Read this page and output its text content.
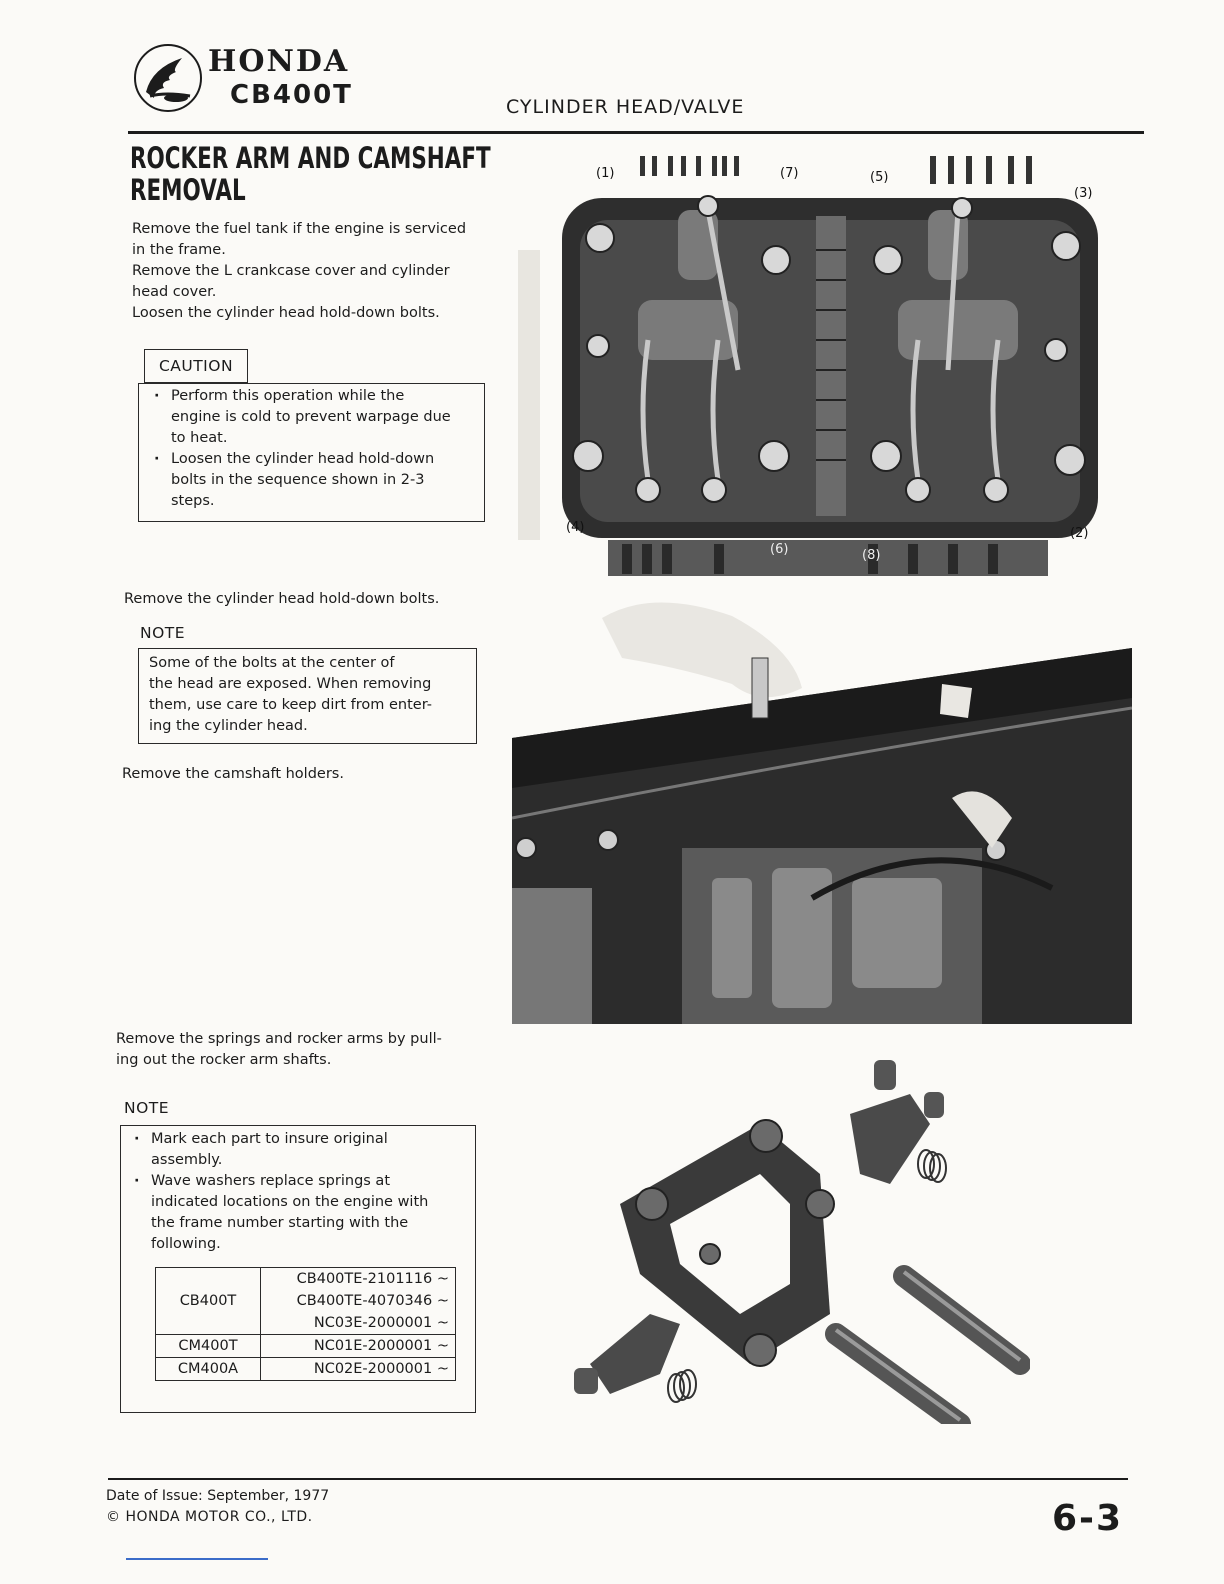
HONDA
CB400T	CYLINDER HEAD/VALVE
ROCKER ARM AND CAMSHAFT
REMOVAL
Remove the fuel tank if the engine is serviced
in the frame.
Remove the L crankcase cover and cylinder
head cover.
Loosen the cylinder head hold-down bolts.
CAUTION
· Perform this operation while the
engine is cold to prevent warpage due
to heat.
· Loosen the cylinder head hold-down
bolts in the sequence shown in 2-3
steps.
Remove the cylinder head hold-down bolts.
NOTE
Some of the bolts at the center of
the head are exposed. When removing
them, use care to keep dirt from enter-
ing the cylinder head.
Remove the camshaft holders.
Remove the springs and rocker arms by pull-
ing out the rocker arm shafts.
NOTE
· Mark each part to insure original
assembly.
· Wave washers replace springs at
indicated locations on the engine with
the frame number starting with the
following.
CB400T	CB400TE-2101116 ~
CB400TE-4070346 ~
NC03E-2000001 ~

CM400T	NC01E-2000001 ~
CM400A	NC02E-2000001 ~
(1)	(7)	(5)
(3)
(4)
(6)	(8)
(2)
Date of Issue: September, 1977
© HONDA MOTOR CO., LTD.	6-3
